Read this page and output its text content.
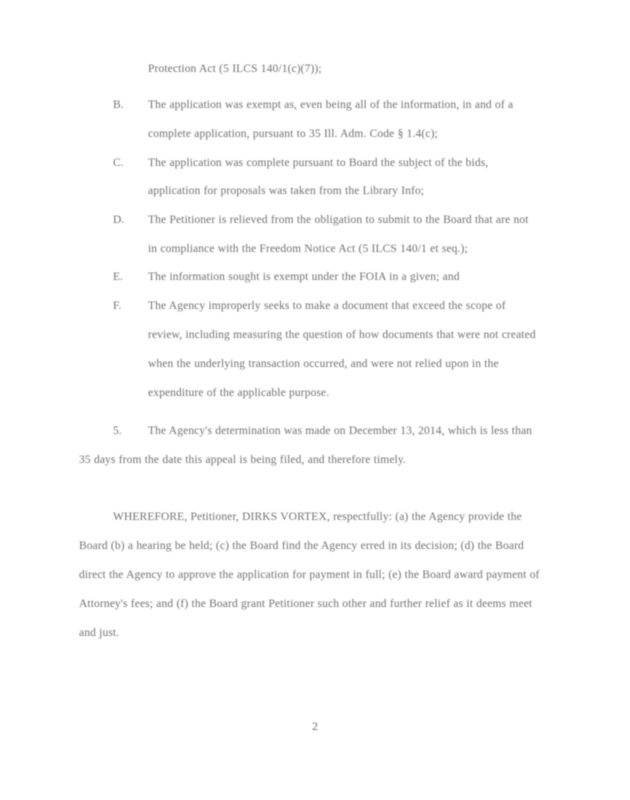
Protection Act (5 ILCS 140/1(c)(7));
B. The application was exempt as, even being all of the information, in and of a
complete application, pursuant to 35 Ill. Adm. Code § 1.4(c);
C. The application was complete pursuant to Board the subject of the bids,
application for proposals was taken from the Library Info;
D. The Petitioner is relieved from the obligation to submit to the Board that are not
in compliance with the Freedom Notice Act (5 ILCS 140/1 et seq.);
E. The information sought is exempt under the FOIA in a given; and
F. The Agency improperly seeks to make a document that exceed the scope of
review, including measuring the question of how documents that were not created
when the underlying transaction occurred, and were not relied upon in the
expenditure of the applicable purpose.
5. The Agency's determination was made on December 13, 2014, which is less than
35 days from the date this appeal is being filed, and therefore timely.
WHEREFORE, Petitioner, DIRKS VORTEX, respectfully: (a) the Agency provide the
Board (b) a hearing be held; (c) the Board find the Agency erred in its decision; (d) the Board
direct the Agency to approve the application for payment in full; (e) the Board award payment of
Attorney's fees; and (f) the Board grant Petitioner such other and further relief as it deems meet
and just.
2
